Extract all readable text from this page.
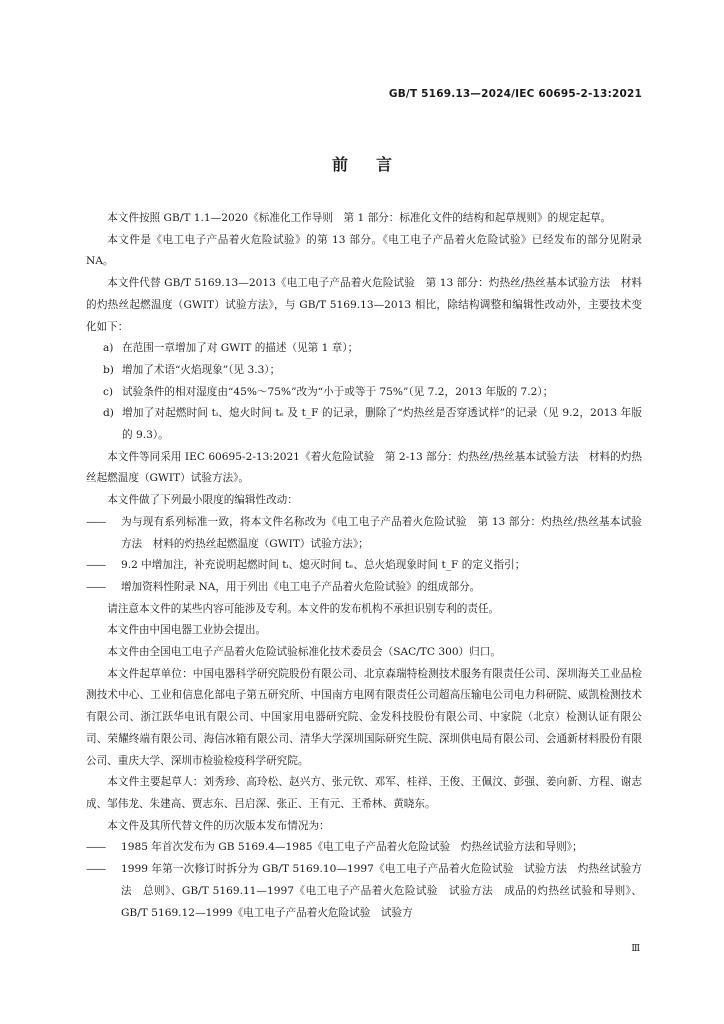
GB/T 5169.13—2024/IEC 60695-2-13:2021
前言

本文件按照 GB/T 1.1—2020《标准化工作导则　第 1 部分：标准化文件的结构和起草规则》的规定起草。

本文件是《电工电子产品着火危险试验》的第 13 部分。《电工电子产品着火危险试验》已经发布的部分见附录 NA。

本文件代替 GB/T 5169.13—2013《电工电子产品着火危险试验　第 13 部分：灼热丝/热丝基本试验方法　材料的灼热丝起燃温度（GWIT）试验方法》，与 GB/T 5169.13—2013 相比，除结构调整和编辑性改动外，主要技术变化如下：

a) 在范围一章增加了对 GWIT 的描述（见第 1 章）；

b) 增加了术语“火焰现象”（见 3.3）；

c) 试验条件的相对湿度由“45%～75%”改为“小于或等于 75%”（见 7.2，2013 年版的 7.2）；

d) 增加了对起燃时间 tᵢ、熄火时间 tₑ 及 t_F 的记录，删除了“灼热丝是否穿透试样”的记录（见 9.2，2013 年版的 9.3）。

本文件等同采用 IEC 60695-2-13:2021《着火危险试验　第 2-13 部分：灼热丝/热丝基本试验方法　材料的灼热丝起燃温度（GWIT）试验方法》。

本文件做了下列最小限度的编辑性改动：

—— 为与现有系列标准一致，将本文件名称改为《电工电子产品着火危险试验　第 13 部分：灼热丝/热丝基本试验方法　材料的灼热丝起燃温度（GWIT）试验方法》；

—— 9.2 中增加注，补充说明起燃时间 tᵢ、熄灭时间 tₑ、总火焰现象时间 t_F 的定义指引；

—— 增加资料性附录 NA，用于列出《电工电子产品着火危险试验》的组成部分。

请注意本文件的某些内容可能涉及专利。本文件的发布机构不承担识别专利的责任。

本文件由中国电器工业协会提出。

本文件由全国电工电子产品着火危险试验标准化技术委员会（SAC/TC 300）归口。

本文件起草单位：中国电器科学研究院股份有限公司、北京森瑞特检测技术服务有限责任公司、深圳海关工业品检测技术中心、工业和信息化部电子第五研究所、中国南方电网有限责任公司超高压输电公司电力科研院、威凯检测技术有限公司、浙江跃华电讯有限公司、中国家用电器研究院、金发科技股份有限公司、中家院（北京）检测认证有限公司、荣耀终端有限公司、海信冰箱有限公司、清华大学深圳国际研究生院、深圳供电局有限公司、会通新材料股份有限公司、重庆大学、深圳市检验检疫科学研究院。

本文件主要起草人：刘秀珍、高玲松、赵兴方、张元钦、邓军、桂祥、王俊、王佩汶、彭强、姜向新、方程、谢志成、邹伟龙、朱建高、贾志东、吕启深、张正、王有元、王希林、黄晓东。

本文件及其所代替文件的历次版本发布情况为：

—— 1985 年首次发布为 GB 5169.4—1985《电工电子产品着火危险试验　灼热丝试验方法和导则》；

—— 1999 年第一次修订时拆分为 GB/T 5169.10—1997《电工电子产品着火危险试验　试验方法　灼热丝试验方法　总则》、GB/T 5169.11—1997《电工电子产品着火危险试验　试验方法　成品的灼热丝试验和导则》、GB/T 5169.12—1999《电工电子产品着火危险试验　试验方

Ⅲ
